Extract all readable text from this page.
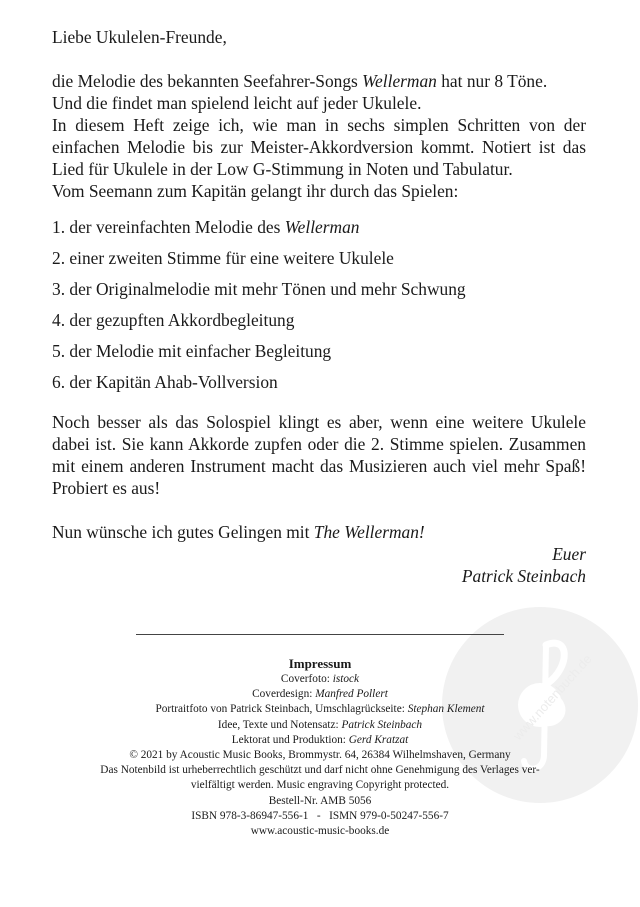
www.notenbuch.de

Liebe Ukulelen-Freunde,

die Melodie des bekannten Seefahrer-Songs Wellerman hat nur 8 Töne.

Und die findet man spielend leicht auf jeder Ukulele.

In diesem Heft zeige ich, wie man in sechs simplen Schritten von der einfachen Melodie bis zur Meister-Akkordversion kommt. Notiert ist das Lied für Ukulele in der Low G-Stimmung in Noten und Tabulatur.

Vom Seemann zum Kapitän gelangt ihr durch das Spielen:

1. der vereinfachten Melodie des Wellerman
2. einer zweiten Stimme für eine weitere Ukulele
3. der Originalmelodie mit mehr Tönen und mehr Schwung
4. der gezupften Akkordbegleitung
5. der Melodie mit einfacher Begleitung
6. der Kapitän Ahab-Vollversion

Noch besser als das Solospiel klingt es aber, wenn eine weitere Ukulele dabei ist. Sie kann Akkorde zupfen oder die 2. Stimme spielen. Zusammen mit einem anderen Instrument macht das Musizieren auch viel mehr Spaß! Probiert es aus!

Nun wünsche ich gutes Gelingen mit The Wellerman!

Euer

Patrick Steinbach

Impressum
Coverfoto: istock
Coverdesign: Manfred Pollert
Portraitfoto von Patrick Steinbach, Umschlagrückseite: Stephan Klement
Idee, Texte und Notensatz: Patrick Steinbach
Lektorat und Produktion: Gerd Kratzat
© 2021 by Acoustic Music Books, Brommystr. 64, 26384 Wilhelmshaven, Germany
Das Notenbild ist urheberrechtlich geschützt und darf nicht ohne Genehmigung des Verlages ver-
vielfältigt werden. Music engraving Copyright protected.
Bestell-Nr. AMB 5056
ISBN 978-3-86947-556-1   -   ISMN 979-0-50247-556-7
www.acoustic-music-books.de
